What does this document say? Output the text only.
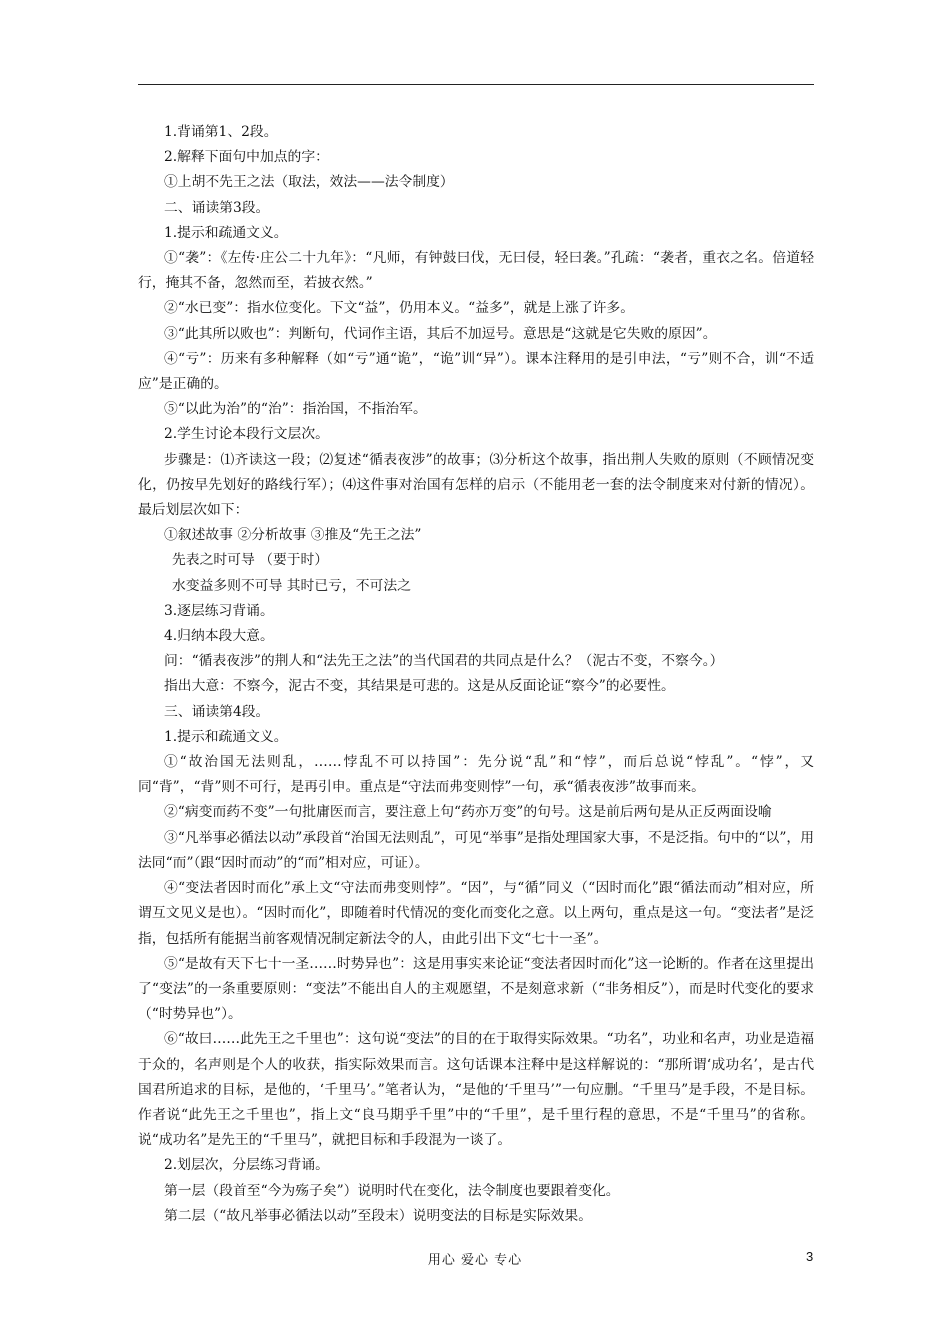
1.背诵第1、2段。

2.解释下面句中加点的字：

①上胡不先王之法（取法，效法——法令制度）

二、诵读第3段。

1.提示和疏通文义。

①“袭”：《左传·庄公二十九年》：“凡师，有钟鼓曰伐，无曰侵，轻曰袭。”孔疏：“袭者，重衣之名。倍道轻行，掩其不备，忽然而至，若披衣然。”

②“水已变”：指水位变化。下文“益”，仍用本义。“益多”，就是上涨了许多。

③“此其所以败也”：判断句，代词作主语，其后不加逗号。意思是“这就是它失败的原因”。

④“亏”：历来有多种解释（如“亏”通“诡”，“诡”训“异”）。课本注释用的是引申法，“亏”则不合，训“不适应”是正确的。

⑤“以此为治”的“治”：指治国，不指治军。

2.学生讨论本段行文层次。

步骤是：⑴齐读这一段；⑵复述“循表夜涉”的故事；⑶分析这个故事，指出荆人失败的原则（不顾情况变化，仍按早先划好的路线行军）；⑷这件事对治国有怎样的启示（不能用老一套的法令制度来对付新的情况）。最后划层次如下：

①叙述故事 ②分析故事 ③推及“先王之法”

先表之时可导 （要于时）

水变益多则不可导 其时已亏，不可法之

3.逐层练习背诵。

4.归纳本段大意。

问：“循表夜涉”的荆人和“法先王之法”的当代国君的共同点是什么？（泥古不变，不察今。）

指出大意：不察今，泥古不变，其结果是可悲的。这是从反面论证“察今”的必要性。

三、诵读第4段。

1.提示和疏通文义。

①“故治国无法则乱，……悖乱不可以持国”：先分说“乱”和“悖”，而后总说“悖乱”。“悖”，又同“背”，“背”则不可行，是再引申。重点是“守法而弗变则悖”一句，承“循表夜涉”故事而来。

②“病变而药不变”一句批庸医而言，要注意上句“药亦万变”的句号。这是前后两句是从正反两面设喻

③“凡举事必循法以动”承段首“治国无法则乱”，可见“举事”是指处理国家大事，不是泛指。句中的“以”，用法同“而”（跟“因时而动”的“而”相对应，可证）。

④“变法者因时而化”承上文“守法而弗变则悖”。“因”，与“循”同义（“因时而化”跟“循法而动”相对应，所谓互文见义是也）。“因时而化”，即随着时代情况的变化而变化之意。以上两句，重点是这一句。“变法者”是泛指，包括所有能据当前客观情况制定新法令的人，由此引出下文“七十一圣”。

⑤“是故有天下七十一圣……时势异也”：这是用事实来论证“变法者因时而化”这一论断的。作者在这里提出了“变法”的一条重要原则：“变法”不能出自人的主观愿望，不是刻意求新（“非务相反”），而是时代变化的要求（“时势异也”）。

⑥“故曰……此先王之千里也”：这句说“变法”的目的在于取得实际效果。“功名”，功业和名声，功业是造福于众的，名声则是个人的收获，指实际效果而言。这句话课本注释中是这样解说的：“那所谓‘成功名’，是古代国君所追求的目标，是他的，‘千里马’。”笔者认为，“是他的‘千里马’”一句应删。“千里马”是手段，不是目标。作者说“此先王之千里也”，指上文“良马期乎千里”中的“千里”，是千里行程的意思，不是“千里马”的省称。说“成功名”是先王的“千里马”，就把目标和手段混为一谈了。

2.划层次，分层练习背诵。

第一层（段首至“今为殇子矣”）说明时代在变化，法令制度也要跟着变化。

第二层（“故凡举事必循法以动”至段末）说明变法的目标是实际效果。

用心 爱心 专心	3
